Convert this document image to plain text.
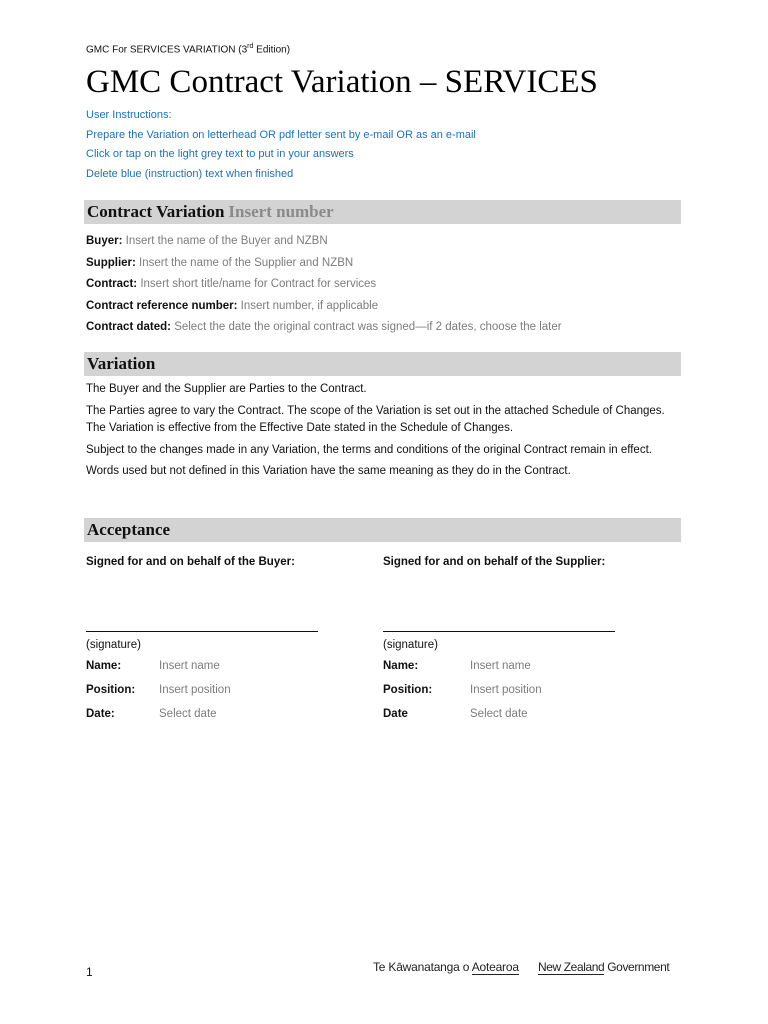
GMC For SERVICES VARIATION (3rd Edition)
GMC Contract Variation – SERVICES
User Instructions:
Prepare the Variation on letterhead OR pdf letter sent by e-mail OR as an e-mail
Click or tap on the light grey text to put in your answers
Delete blue (instruction) text when finished
Contract Variation Insert number
Buyer: Insert the name of the Buyer and NZBN
Supplier: Insert the name of the Supplier and NZBN
Contract: Insert short title/name for Contract for services
Contract reference number: Insert number, if applicable
Contract dated: Select the date the original contract was signed—if 2 dates, choose the later
Variation

The Buyer and the Supplier are Parties to the Contract.

The Parties agree to vary the Contract. The scope of the Variation is set out in the attached Schedule of Changes. The Variation is effective from the Effective Date stated in the Schedule of Changes.

Subject to the changes made in any Variation, the terms and conditions of the original Contract remain in effect.

Words used but not defined in this Variation have the same meaning as they do in the Contract.

Acceptance
Signed for and on behalf of the Buyer:
(signature)
Name:	Insert name
Position: Insert position
Date:	Select date
Signed for and on behalf of the Supplier:
(signature)
Name:	Insert name
Position:	Insert position
Date	Select date
1	Te Kāwanatanga o Aotearoa New Zealand Government
